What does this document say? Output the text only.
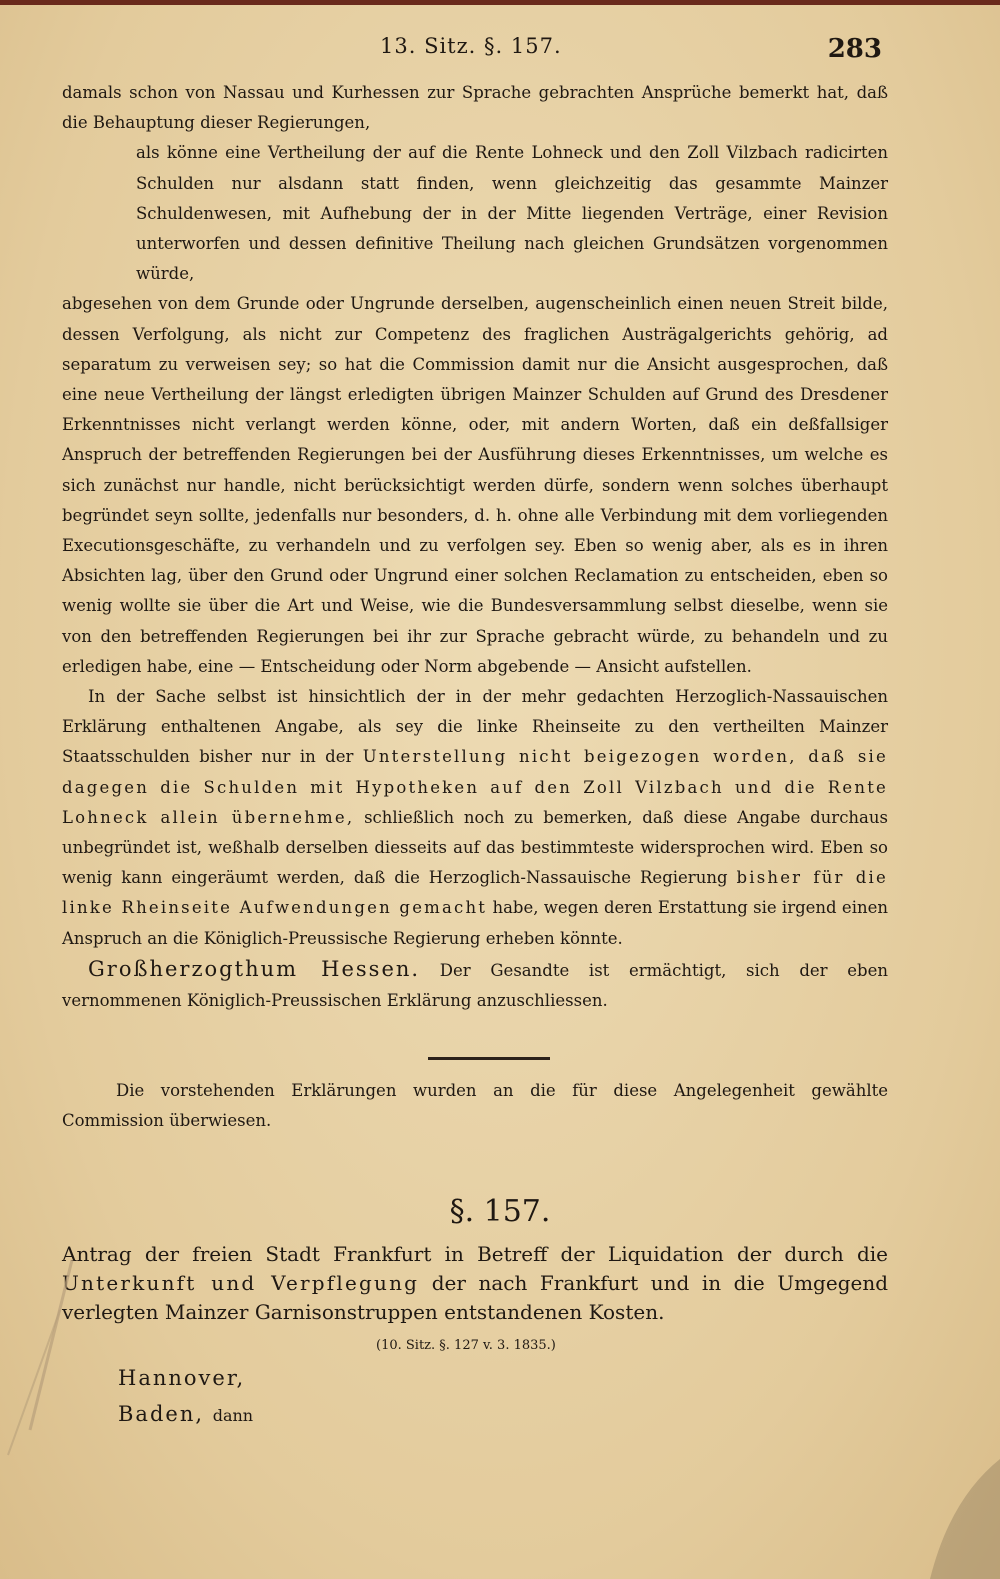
13. Sitz. §. 157.	283

damals schon von Nassau und Kurhessen zur Sprache gebrachten Ansprüche bemerkt hat, daß die Behauptung dieser Regierungen,

als könne eine Vertheilung der auf die Rente Lohneck und den Zoll Vilzbach radicirten Schulden nur alsdann statt finden, wenn gleichzeitig das gesammte Mainzer Schuldenwesen, mit Aufhebung der in der Mitte liegenden Verträge, einer Revision unterworfen und dessen definitive Theilung nach gleichen Grundsätzen vorgenommen würde,

abgesehen von dem Grunde oder Ungrunde derselben, augenscheinlich einen neuen Streit bilde, dessen Verfolgung, als nicht zur Competenz des fraglichen Austrägalgerichts gehörig, ad separatum zu verweisen sey; so hat die Commission damit nur die Ansicht ausgesprochen, daß eine neue Vertheilung der längst erledigten übrigen Mainzer Schulden auf Grund des Dresdener Erkenntnisses nicht verlangt werden könne, oder, mit andern Worten, daß ein deßfallsiger Anspruch der betreffenden Regierungen bei der Ausführung dieses Erkenntnisses, um welche es sich zunächst nur handle, nicht berücksichtigt werden dürfe, sondern wenn solches überhaupt begründet seyn sollte, jedenfalls nur besonders, d. h. ohne alle Verbindung mit dem vorliegenden Executionsgeschäfte, zu verhandeln und zu verfolgen sey. Eben so wenig aber, als es in ihren Absichten lag, über den Grund oder Ungrund einer solchen Reclamation zu entscheiden, eben so wenig wollte sie über die Art und Weise, wie die Bundesversammlung selbst dieselbe, wenn sie von den betreffenden Regierungen bei ihr zur Sprache gebracht würde, zu behandeln und zu erledigen habe, eine — Entscheidung oder Norm abgebende — Ansicht aufstellen.

In der Sache selbst ist hinsichtlich der in der mehr gedachten Herzoglich-Nassauischen Erklärung enthaltenen Angabe, als sey die linke Rheinseite zu den vertheilten Mainzer Staatsschulden bisher nur in der Unterstellung nicht beigezogen worden, daß sie dagegen die Schulden mit Hypotheken auf den Zoll Vilzbach und die Rente Lohneck allein übernehme, schließlich noch zu bemerken, daß diese Angabe durchaus unbegründet ist, weßhalb derselben diesseits auf das bestimmteste widersprochen wird. Eben so wenig kann eingeräumt werden, daß die Herzoglich-Nassauische Regierung bisher für die linke Rheinseite Aufwendungen gemacht habe, wegen deren Erstattung sie irgend einen Anspruch an die Königlich-Preussische Regierung erheben könnte.

Großherzogthum Hessen. Der Gesandte ist ermächtigt, sich der eben vernommenen Königlich-Preussischen Erklärung anzuschliessen.

Die vorstehenden Erklärungen wurden an die für diese Angelegenheit gewählte Commission überwiesen.

§. 157.

Antrag der freien Stadt Frankfurt in Betreff der Liquidation der durch die Unterkunft und Verpflegung der nach Frankfurt und in die Umgegend verlegten Mainzer Garnisonstruppen entstandenen Kosten.

(10. Sitz. §. 127 v. 3. 1835.)
Hannover,
Baden, dann
